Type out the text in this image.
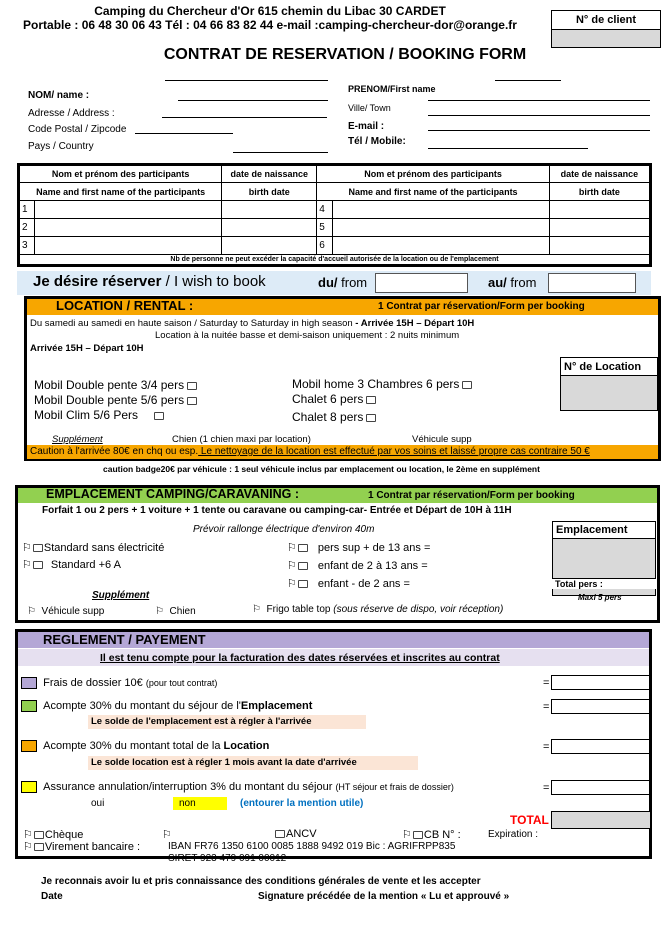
Camping du Chercheur d'Or 615 chemin du Libac 30 CARDET
Portable : 06 48 30 06 43 Tél : 04 66 83 82 44 e-mail :camping-chercheur-dor@orange.fr	N° de client
CONTRAT DE RESERVATION / BOOKING FORM
NOM/ name :
PRENOM/First name
Adresse / Address :	Ville/ Town
Code Postal / Zipcode	E-mail :
Pays / Country	Tél / Mobile:
Nom et prénom des participants		date de naissance	Nom et prénom des participants		date de naissance
Name and first name of the participants		birth date	Name and first name of the participants		birth date
1			4		
2			5		
3			6		
Nb de personne ne peut excéder la capacité d'accueil autorisée de la location ou de l'emplacement					
Je désire réserver / I wish to book	du/ from	au/ from
LOCATION / RENTAL :	1 Contrat par réservation/Form per booking
Du samedi au samedi en haute saison / Saturday to Saturday in high season - Arrivée 15H – Départ 10H
Location à la nuitée basse et demi-saison uniquement : 2 nuits minimum
Arrivée 15H – Départ 10H
N° de Location
Mobil Double pente 3/4 pers
Mobil Double pente 5/6 pers
Mobil Clim 5/6 Pers
Mobil home 3 Chambres 6 pers
Chalet 6 pers
Chalet 8 pers
Supplément	Chien (1 chien maxi par location)	Véhicule supp
Caution à l'arrivée 80€ en chq ou esp. Le nettoyage de la location est effectué par vos soins et laissé propre cas contraire 50 €
caution badge20€ par véhicule : 1 seul véhicule inclus par emplacement ou location, le 2ème en supplément
EMPLACEMENT CAMPING/CARAVANING :	1 Contrat par réservation/Form per booking
Forfait 1 ou 2 pers + 1 voiture + 1 tente ou caravane ou camping-car- Entrée et Départ de 10H à 11H
Prévoir rallonge électrique d'environ 40m	Emplacement
⚐ Standard sans électricité
⚐ Standard +6 A
⚐ pers sup + de 13 ans =
⚐ enfant de 2 à 13 ans =
⚐ enfant - de 2 ans =	Total pers :
Maxi 5 pers
Supplément
⚐  Véhicule supp	⚐  Chien	⚐  Frigo table top (sous réserve de dispo, voir réception)
REGLEMENT / PAYEMENT
Il est tenu compte pour la facturation des dates réservées et inscrites au contrat
Frais de dossier 10€ (pour tout contrat)	=
Acompte 30% du montant du séjour de l'Emplacement	=
Le solde de l'emplacement est à régler à l'arrivée
Acompte 30% du montant total de la Location	=
Le solde location est à régler 1 mois avant la date d'arrivée
Assurance annulation/interruption 3% du montant du séjour (HT séjour et frais de dossier)	=
oui	non	(entourer la mention utile)
TOTAL
⚐ Chèque	⚐	ANCV	⚐ CB N° :	Expiration :
⚐ Virement bancaire :	IBAN FR76 1350 6100 0085 1888 9492 019 Bic : AGRIFRPP835
SIRET 923 479 091 00012
Je reconnais avoir lu et pris connaissance des conditions générales de vente et les accepter
Date	Signature précédée de la mention « Lu et approuvé »
